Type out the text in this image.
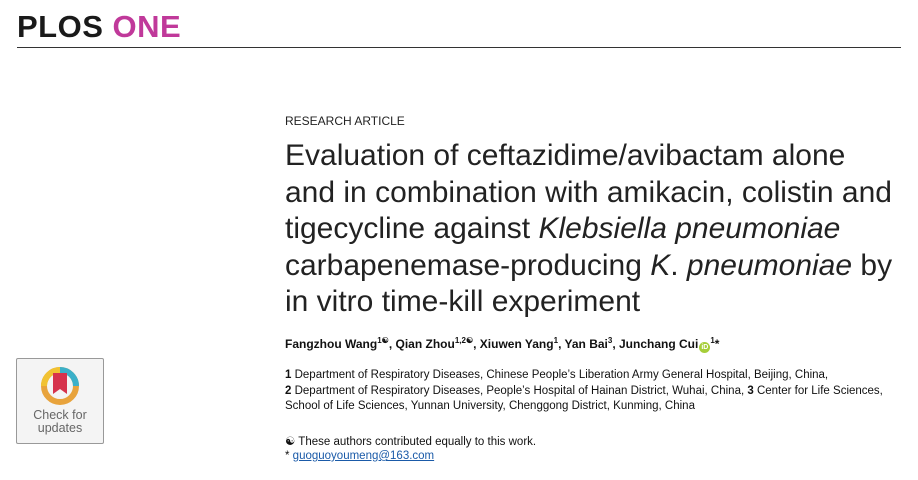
PLOS ONE
RESEARCH ARTICLE
Evaluation of ceftazidime/avibactam alone
and in combination with amikacin, colistin and
tigecycline against Klebsiella pneumoniae
carbapenemase-producing K. pneumoniae by
in vitro time-kill experiment
Fangzhou Wang$^{1☯}$, Qian Zhou$^{1,2☯}$, Xiuwen Yang$^1$, Yan Bai$^3$, Junchang Cui $iD^1*$

1 Department of Respiratory Diseases, Chinese People’s Liberation Army General Hospital, Beijing, China,
2 Department of Respiratory Diseases, People’s Hospital of Hainan District, Wuhai, China, 3 Center for Life Sciences, School of Life Sciences, Yunnan University, Chenggong District, Kunming, China

☯ These authors contributed equally to this work.
* guoguoyoumeng@163.com
Check for
updates
